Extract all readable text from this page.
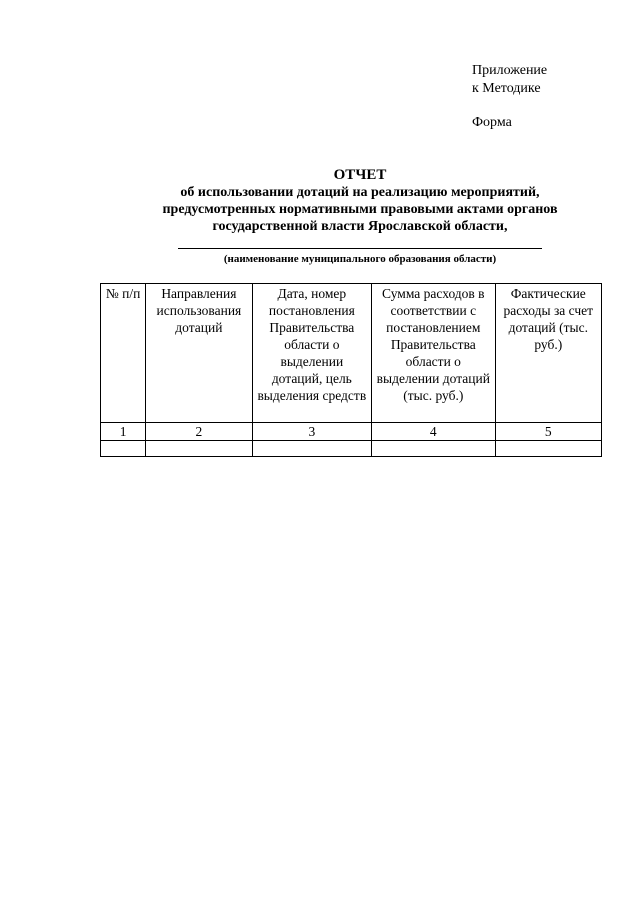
Приложение
к Методике
Форма
ОТЧЕТ
об использовании дотаций на реализацию мероприятий,
предусмотренных нормативными правовыми актами органов
государственной власти Ярославской области,
(наименование муниципального образования области)
№ п/п	Направления использования дотаций	Дата, номер постановления Правительства области о выделении дотаций, цель выделения средств	Сумма расходов в соответствии с постановлением Правительства области о выделении дотаций (тыс. руб.)	Фактические расходы за счет дотаций (тыс. руб.)
1	2	3	4	5
